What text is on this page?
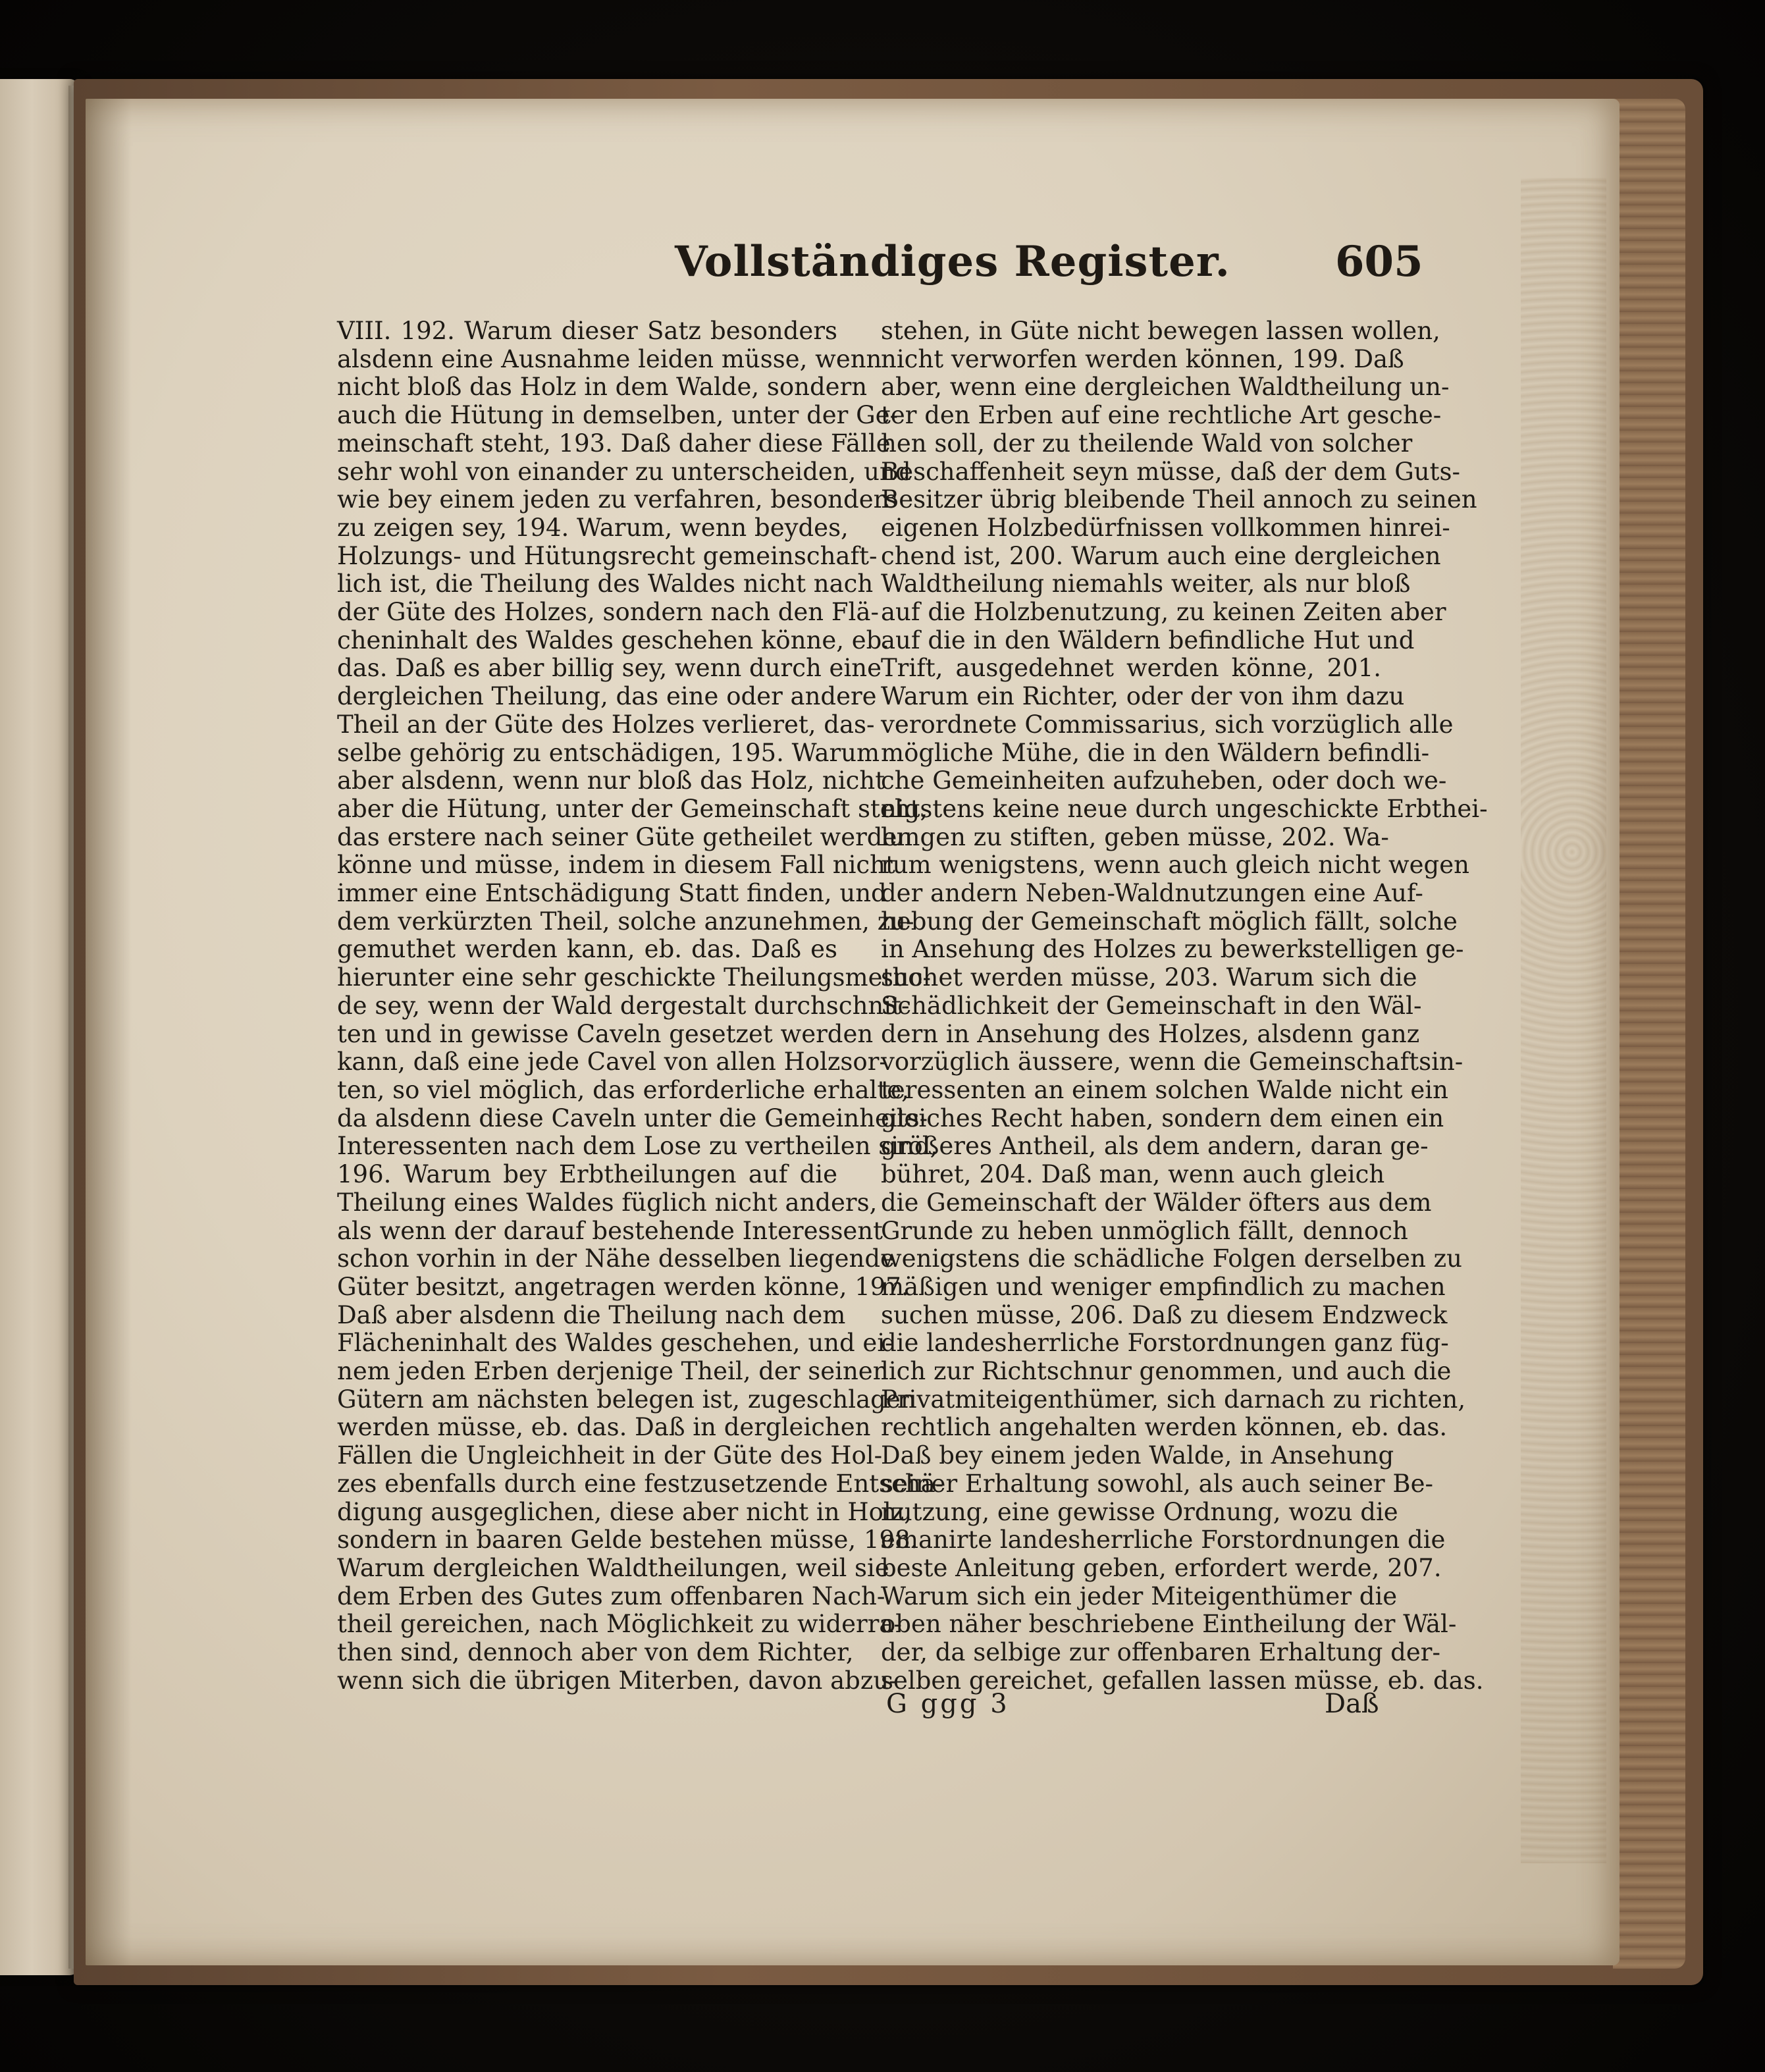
Vollständiges Register. 605
VIII. 192. Warum dieser Satz besonders
alsdenn eine Ausnahme leiden müsse, wenn
nicht bloß das Holz in dem Walde, sondern
auch die Hütung in demselben, unter der Ge-
meinschaft steht, 193. Daß daher diese Fälle
sehr wohl von einander zu unterscheiden, und
wie bey einem jeden zu verfahren, besonders
zu zeigen sey, 194. Warum, wenn beydes,
Holzungs- und Hütungsrecht gemeinschaft-
lich ist, die Theilung des Waldes nicht nach
der Güte des Holzes, sondern nach den Flä-
cheninhalt des Waldes geschehen könne, eb.
das. Daß es aber billig sey, wenn durch eine
dergleichen Theilung, das eine oder andere
Theil an der Güte des Holzes verlieret, das-
selbe gehörig zu entschädigen, 195. Warum
aber alsdenn, wenn nur bloß das Holz, nicht
aber die Hütung, unter der Gemeinschaft steht,
das erstere nach seiner Güte getheilet werden
könne und müsse, indem in diesem Fall nicht
immer eine Entschädigung Statt finden, und
dem verkürzten Theil, solche anzunehmen, zu-
gemuthet werden kann, eb. das. Daß es
hierunter eine sehr geschickte Theilungsmetho-
de sey, wenn der Wald dergestalt durchschnit-
ten und in gewisse Caveln gesetzet werden
kann, daß eine jede Cavel von allen Holzsor-
ten, so viel möglich, das erforderliche erhalte,
da alsdenn diese Caveln unter die Gemeinheits-
Interessenten nach dem Lose zu vertheilen sind,
196. Warum bey Erbtheilungen auf die
Theilung eines Waldes füglich nicht anders,
als wenn der darauf bestehende Interessent
schon vorhin in der Nähe desselben liegende
Güter besitzt, angetragen werden könne, 197.
Daß aber alsdenn die Theilung nach dem
Flächeninhalt des Waldes geschehen, und ei-
nem jeden Erben derjenige Theil, der seinen
Gütern am nächsten belegen ist, zugeschlagen
werden müsse, eb. das. Daß in dergleichen
Fällen die Ungleichheit in der Güte des Hol-
zes ebenfalls durch eine festzusetzende Entschä-
digung ausgeglichen, diese aber nicht in Holz,
sondern in baaren Gelde bestehen müsse, 198.
Warum dergleichen Waldtheilungen, weil sie
dem Erben des Gutes zum offenbaren Nach-
theil gereichen, nach Möglichkeit zu widerra-
then sind, dennoch aber von dem Richter,
wenn sich die übrigen Miterben, davon abzu-
stehen, in Güte nicht bewegen lassen wollen,
nicht verworfen werden können, 199. Daß
aber, wenn eine dergleichen Waldtheilung un-
ter den Erben auf eine rechtliche Art gesche-
hen soll, der zu theilende Wald von solcher
Beschaffenheit seyn müsse, daß der dem Guts-
Besitzer übrig bleibende Theil annoch zu seinen
eigenen Holzbedürfnissen vollkommen hinrei-
chend ist, 200. Warum auch eine dergleichen
Waldtheilung niemahls weiter, als nur bloß
auf die Holzbenutzung, zu keinen Zeiten aber
auf die in den Wäldern befindliche Hut und
Trift, ausgedehnet werden könne, 201.
Warum ein Richter, oder der von ihm dazu
verordnete Commissarius, sich vorzüglich alle
mögliche Mühe, die in den Wäldern befindli-
che Gemeinheiten aufzuheben, oder doch we-
nigstens keine neue durch ungeschickte Erbthei-
lungen zu stiften, geben müsse, 202. Wa-
rum wenigstens, wenn auch gleich nicht wegen
der andern Neben-Waldnutzungen eine Auf-
hebung der Gemeinschaft möglich fällt, solche
in Ansehung des Holzes zu bewerkstelligen ge-
suchet werden müsse, 203. Warum sich die
Schädlichkeit der Gemeinschaft in den Wäl-
dern in Ansehung des Holzes, alsdenn ganz
vorzüglich äussere, wenn die Gemeinschaftsin-
teressenten an einem solchen Walde nicht ein
gleiches Recht haben, sondern dem einen ein
größeres Antheil, als dem andern, daran ge-
bühret, 204. Daß man, wenn auch gleich
die Gemeinschaft der Wälder öfters aus dem
Grunde zu heben unmöglich fällt, dennoch
wenigstens die schädliche Folgen derselben zu
mäßigen und weniger empfindlich zu machen
suchen müsse, 206. Daß zu diesem Endzweck
die landesherrliche Forstordnungen ganz füg-
lich zur Richtschnur genommen, und auch die
Privatmiteigenthümer, sich darnach zu richten,
rechtlich angehalten werden können, eb. das.
Daß bey einem jeden Walde, in Ansehung
seiner Erhaltung sowohl, als auch seiner Be-
nutzung, eine gewisse Ordnung, wozu die
emanirte landesherrliche Forstordnungen die
beste Anleitung geben, erfordert werde, 207.
Warum sich ein jeder Miteigenthümer die
oben näher beschriebene Eintheilung der Wäl-
der, da selbige zur offenbaren Erhaltung der-
selben gereichet, gefallen lassen müsse, eb. das.
G ggg 3	Daß
